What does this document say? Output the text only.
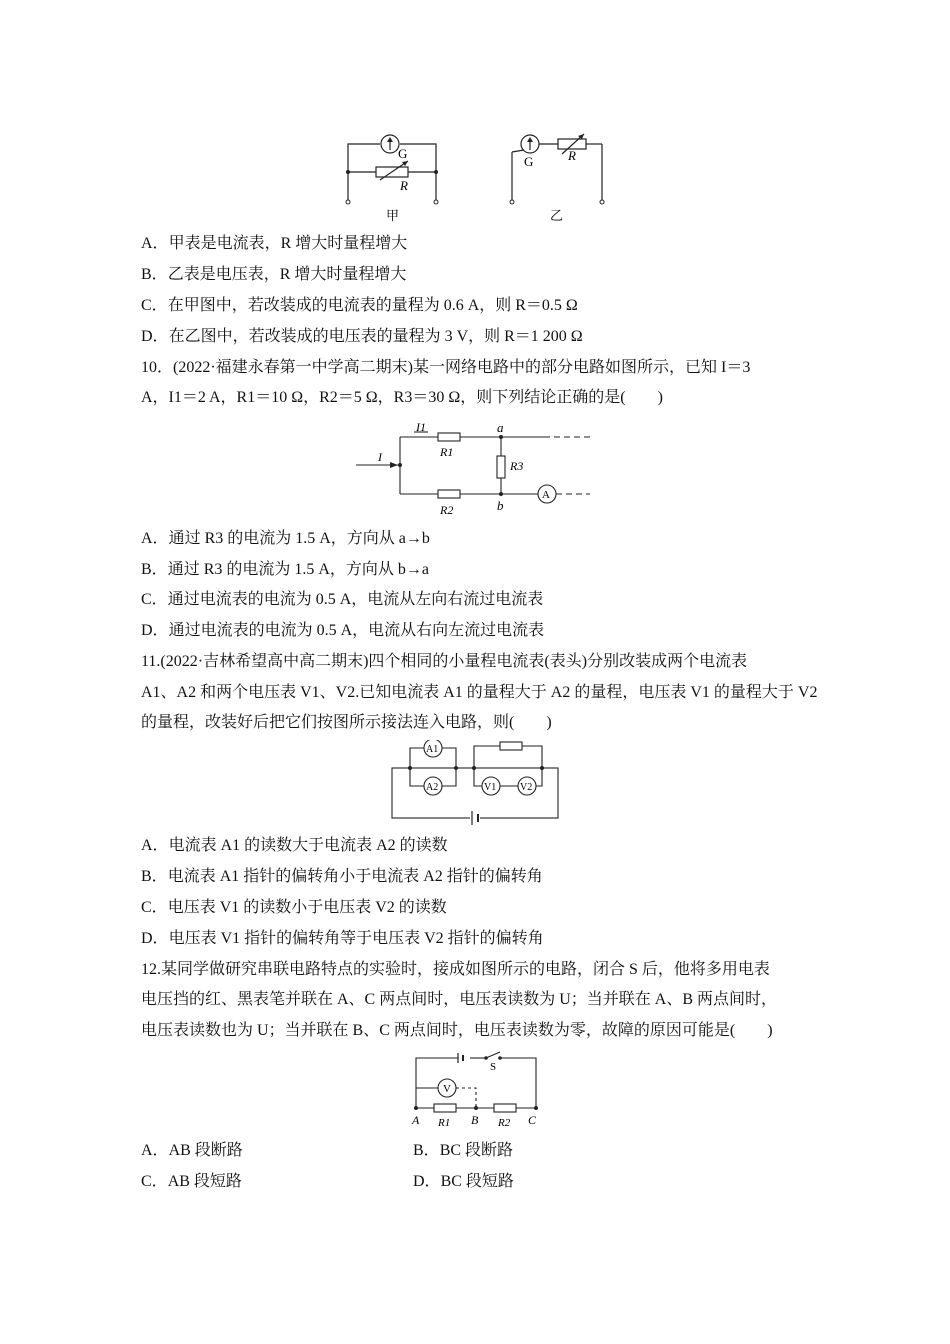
G
R
G	R
甲	乙
A．甲表是电流表，R 增大时量程增大
B．乙表是电压表，R 增大时量程增大
C．在甲图中，若改装成的电流表的量程为 0.6 A，则 R＝0.5 Ω
D．在乙图中，若改装成的电压表的量程为 3 V，则 R＝1 200 Ω
10．(2022·福建永春第一中学高二期末)某一网络电路中的部分电路如图所示，已知 I＝3
A，I1＝2 A，R1＝10 Ω，R2＝5 Ω，R3＝30 Ω，则下列结论正确的是(　　)
I
I1
R1
R2
R3
a
b
A
A．通过 R3 的电流为 1.5 A，方向从 a→b
B．通过 R3 的电流为 1.5 A，方向从 b→a
C．通过电流表的电流为 0.5 A，电流从左向右流过电流表
D．通过电流表的电流为 0.5 A，电流从右向左流过电流表
11.(2022·吉林希望高中高二期末)四个相同的小量程电流表(表头)分别改装成两个电流表
A1、A2 和两个电压表 V1、V2.已知电流表 A1 的量程大于 A2 的量程，电压表 V1 的量程大于 V2
的量程，改装好后把它们按图所示接法连入电路，则(　　)
A1
A2	V1 V2
A．电流表 A1 的读数大于电流表 A2 的读数
B．电流表 A1 指针的偏转角小于电流表 A2 指针的偏转角
C．电压表 V1 的读数小于电压表 V2 的读数
D．电压表 V1 指针的偏转角等于电压表 V2 指针的偏转角
12.某同学做研究串联电路特点的实验时，接成如图所示的电路，闭合 S 后，他将多用电表
电压挡的红、黑表笔并联在 A、C 两点间时，电压表读数为 U；当并联在 A、B 两点间时，
电压表读数也为 U；当并联在 B、C 两点间时，电压表读数为零，故障的原因可能是(　　)
S
V
A	B	C
R1	R2
A．AB 段断路	B．BC 段断路
C．AB 段短路	D．BC 段短路
